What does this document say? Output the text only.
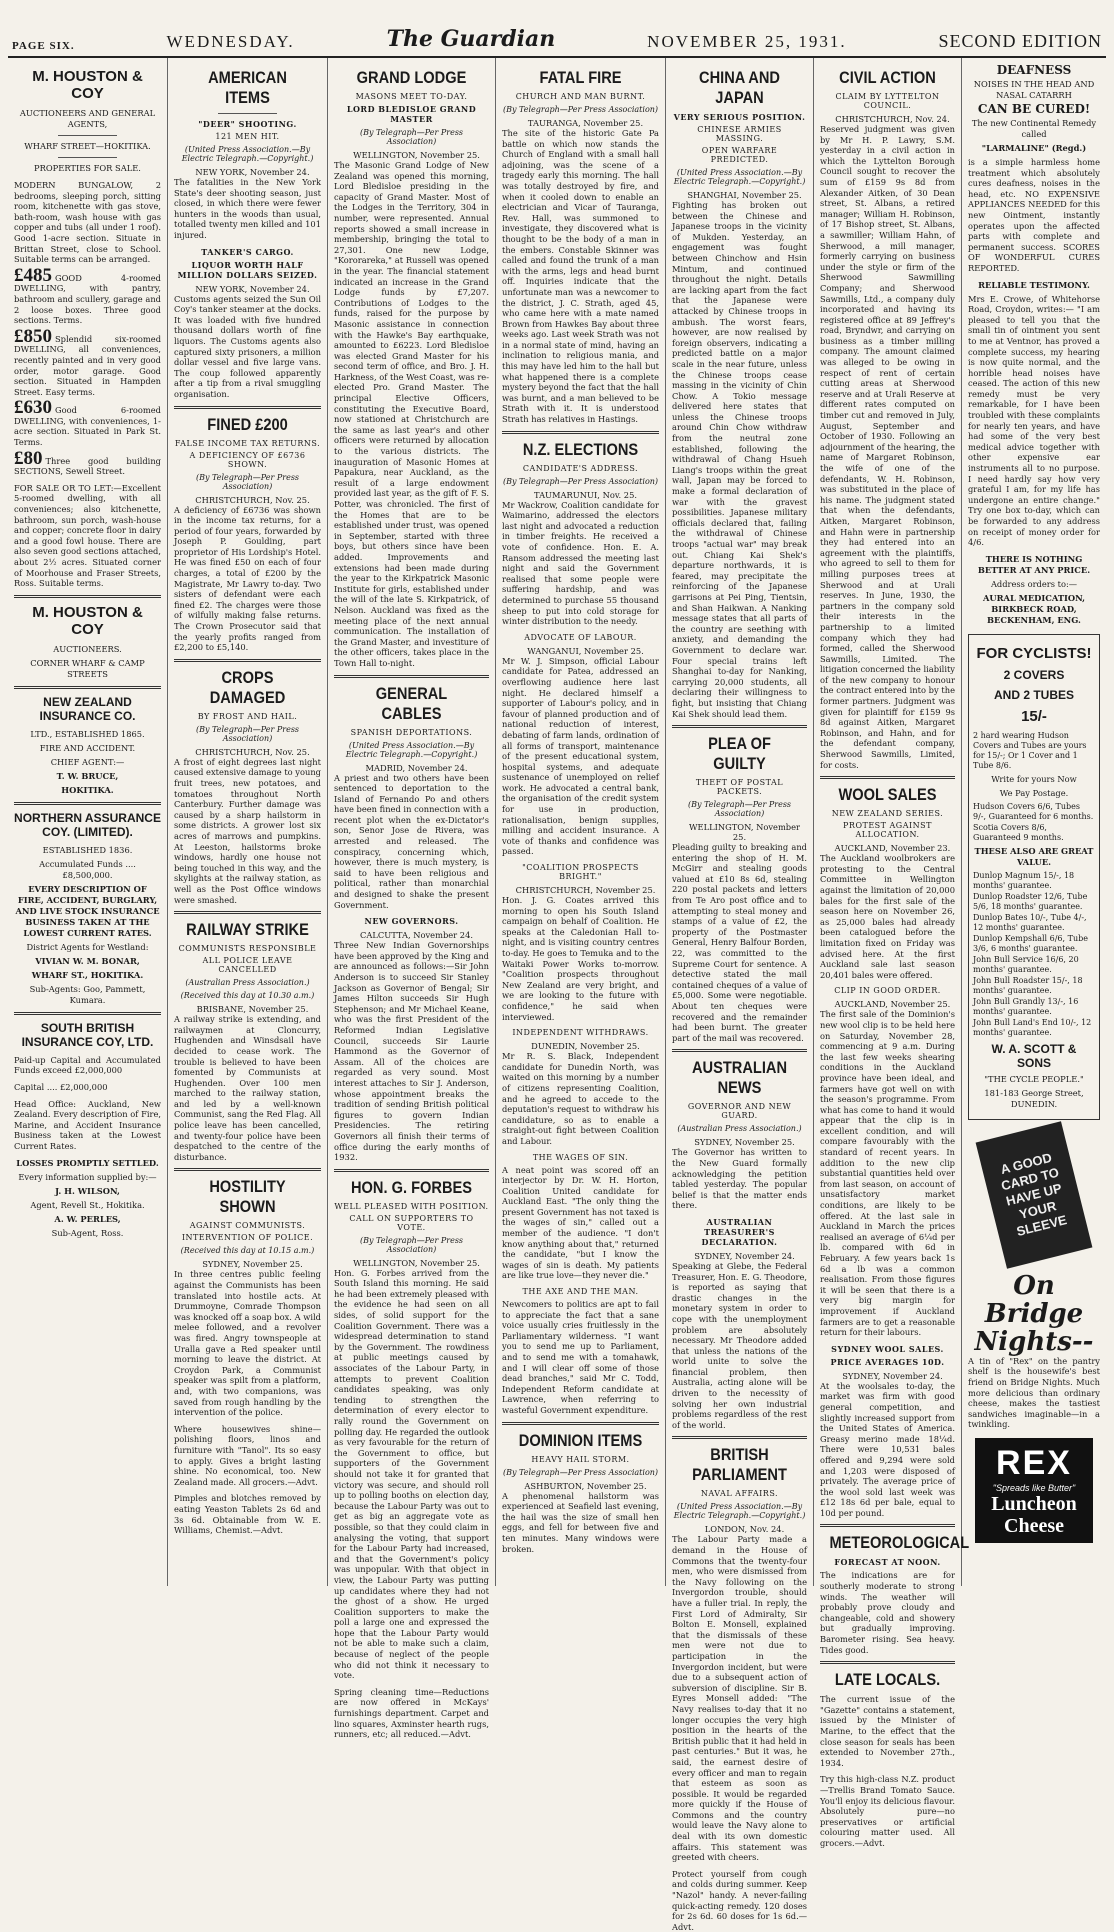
PAGE SIX.	WEDNESDAY.	The Guardian	NOVEMBER 25, 1931.	SECOND EDITION
M. HOUSTON & COY
AUCTIONEERS AND GENERAL AGENTS,
WHARF STREET—HOKITIKA.
PROPERTIES FOR SALE.
MODERN BUNGALOW, 2 bedrooms, sleeping porch, sitting room, kitchenette with gas stove, bath-room, wash house with gas copper and tubs (all under 1 roof). Good 1-acre section. Situate in Brittan Street, close to School. Suitable terms can be arranged.
£485 GOOD 4-roomed DWELLING, with pantry, bathroom and scullery, garage and 2 loose boxes. Three good sections. Terms.
£850 Splendid six-roomed DWELLING, all conveniences, recently painted and in very good order, motor garage. Good section. Situated in Hampden Street. Easy terms.
£630 Good 6-roomed DWELLING, with conveniences, 1-acre section. Situated in Park St. Terms.
£80 Three good building SECTIONS, Sewell Street.
FOR SALE OR TO LET:—Excellent 5-roomed dwelling, with all conveniences; also kitchenette, bathroom, sun porch, wash-house and copper; concrete floor in dairy and a good fowl house. There are also seven good sections attached, about 2½ acres. Situated corner of Moorhouse and Fraser Streets, Ross. Suitable terms.
M. HOUSTON & COY
AUCTIONEERS.
CORNER WHARF & CAMP STREETS
NEW ZEALAND INSURANCE CO.
LTD., ESTABLISHED 1865.
FIRE AND ACCIDENT.
CHIEF AGENT:—
T. W. BRUCE,
HOKITIKA.
NORTHERN ASSURANCE COY. (LIMITED).
ESTABLISHED 1836.
Accumulated Funds .... £8,500,000.
EVERY DESCRIPTION OF FIRE, ACCIDENT, BURGLARY, AND LIVE STOCK INSURANCE BUSINESS TAKEN AT THE LOWEST CURRENT RATES.
District Agents for Westland:
VIVIAN W. M. BONAR,
WHARF ST., HOKITIKA.
Sub-Agents: Goo, Pammett, Kumara.
SOUTH BRITISH INSURANCE COY, LTD.
Paid-up Capital and Accumulated Funds exceed £2,000,000
Capital .... £2,000,000
Head Office: Auckland, New Zealand. Every description of Fire, Marine, and Accident Insurance Business taken at the Lowest Current Rates.
LOSSES PROMPTLY SETTLED.
Every information supplied by:—
J. H. WILSON,
Agent, Revell St., Hokitika.
A. W. PERLES,
Sub-Agent, Ross.
AMERICAN ITEMS
"DEER" SHOOTING.
121 MEN HIT.
(United Press Association.—By Electric Telegraph.—Copyright.)
NEW YORK, November 24.

The fatalities in the New York State's deer shooting season, just closed, in which there were fewer hunters in the woods than usual, totalled twenty men killed and 101 injured.

TANKER'S CARGO.
LIQUOR WORTH HALF MILLION DOLLARS SEIZED.
NEW YORK, November 24.

Customs agents seized the Sun Oil Coy's tanker steamer at the docks. It was loaded with five hundred thousand dollars worth of fine liquors. The Customs agents also captured sixty prisoners, a million dollar vessel and five large vans. The coup followed apparently after a tip from a rival smuggling organisation.

FINED £200
FALSE INCOME TAX RETURNS.
A DEFICIENCY OF £6736 SHOWN.
(By Telegraph—Per Press Association)
CHRISTCHURCH, Nov. 25.

A deficiency of £6736 was shown in the income tax returns, for a period of four years, forwarded by Joseph P. Goulding, part proprietor of His Lordship's Hotel. He was fined £50 on each of four charges, a total of £200 by the Magistrate, Mr Lawry to-day. Two sisters of defendant were each fined £2. The charges were those of wilfully making false returns. The Crown Prosecutor said that the yearly profits ranged from £2,200 to £5,140.

CROPS DAMAGED
BY FROST AND HAIL.
(By Telegraph—Per Press Association)
CHRISTCHURCH, Nov. 25.

A frost of eight degrees last night caused extensive damage to young fruit trees, new potatoes, and tomatoes throughout North Canterbury. Further damage was caused by a sharp hailstorm in some districts. A grower lost six acres of marrows and pumpkins. At Leeston, hailstorms broke windows, hardly one house not being touched in this way, and the skylights at the railway station, as well as the Post Office windows were smashed.

RAILWAY STRIKE
COMMUNISTS RESPONSIBLE
ALL POLICE LEAVE CANCELLED
(Australian Press Association.)
(Received this day at 10.30 a.m.)
BRISBANE, November 25.

A railway strike is extending, and railwaymen at Cloncurry, Hughenden and Winsdsail have decided to cease work. The trouble is believed to have been fomented by Communists at Hughenden. Over 100 men marched to the railway station, and led by a well-known Communist, sang the Red Flag. All police leave has been cancelled, and twenty-four police have been despatched to the centre of the disturbance.

HOSTILITY SHOWN
AGAINST COMMUNISTS.
INTERVENTION OF POLICE.
(Received this day at 10.15 a.m.)
SYDNEY, November 25.

In three centres public feeling against the Communists has been translated into hostile acts. At Drummoyne, Comrade Thompson was knocked off a soap box. A wild melee followed, and a revolver was fired. Angry townspeople at Uralla gave a Red speaker until morning to leave the district. At Croydon Park, a Communist speaker was spilt from a platform, and, with two companions, was saved from rough handling by the intervention of the police.

Where housewives shine—polishing floors, linos and furniture with "Tanol". Its so easy to apply. Gives a bright lasting shine. No economical, too. New Zealand made. All grocers.—Advt.

Pimples and blotches removed by eating Yeaston Tablets 2s 6d and 3s 6d. Obtainable from W. E. Williams, Chemist.—Advt.

GRAND LODGE
MASONS MEET TO-DAY.
LORD BLEDISLOE GRAND MASTER
(By Telegraph—Per Press Association)
WELLINGTON, November 25.

The Masonic Grand Lodge of New Zealand was opened this morning, Lord Bledisloe presiding in the capacity of Grand Master. Most of the Lodges in the Territory, 304 in number, were represented. Annual reports showed a small increase in membership, bringing the total to 27,301. One new Lodge, "Kororareka," at Russell was opened in the year. The financial statement indicated an increase in the Grand Lodge funds by £7,207. Contributions of Lodges to the funds, raised for the purpose by Masonic assistance in connection with the Hawke's Bay earthquake, amounted to £6223. Lord Bledisloe was elected Grand Master for his second term of office, and Bro. J. H. Harkness, of the West Coast, was re-elected Pro. Grand Master. The principal Elective Officers, constituting the Executive Board, now stationed at Christchurch are the same as last year's and other officers were returned by allocation to the various districts. The inauguration of Masonic Homes at Papakura, near Auckland, as the result of a large endowment provided last year, as the gift of F. S. Potter, was chronicled. The first of the Homes that are to be established under trust, was opened in September, started with three boys, but others since have been added. Improvements and extensions had been made during the year to the Kirkpatrick Masonic Institute for girls, established under the will of the late S. Kirkpatrick, of Nelson. Auckland was fixed as the meeting place of the next annual communication. The installation of the Grand Master, and investiture of the other officers, takes place in the Town Hall to-night.

GENERAL CABLES
SPANISH DEPORTATIONS.
(United Press Association.—By Electric Telegraph.—Copyright.)
MADRID, November 24.

A priest and two others have been sentenced to deportation to the Island of Fernando Po and others have been fined in connection with a recent plot when the ex-Dictator's son, Senor Jose de Rivera, was arrested and released. The conspiracy, concerning which, however, there is much mystery, is said to have been religious and political, rather than monarchial and designed to shake the present Government.

NEW GOVERNORS.
CALCUTTA, November 24.

Three New Indian Governorships have been approved by the King and are announced as follows:—Sir John Anderson is to succeed Sir Stanley Jackson as Governor of Bengal; Sir James Hilton succeeds Sir Hugh Stephenson; and Mr Michael Keane, who was the first President of the Reformed Indian Legislative Council, succeeds Sir Laurie Hammond as the Governor of Assam. All of the choices are regarded as very sound. Most interest attaches to Sir J. Anderson, whose appointment breaks the tradition of sending British political figures to govern Indian Presidencies. The retiring Governors all finish their terms of office during the early months of 1932.

HON. G. FORBES
WELL PLEASED WITH POSITION.
CALL ON SUPPORTERS TO VOTE.
(By Telegraph—Per Press Association)
WELLINGTON, November 25.

Hon. G. Forbes arrived from the South Island this morning. He said he had been extremely pleased with the evidence he had seen on all sides, of solid support for the Coalition Government. There was a widespread determination to stand by the Government. The rowdiness at public meetings caused by associates of the Labour Party, in attempts to prevent Coalition candidates speaking, was only tending to strengthen the determination of every elector to rally round the Government on polling day. He regarded the outlook as very favourable for the return of the Government to office, but supporters of the Government should not take it for granted that victory was secure, and should roll up to polling booths on election day, because the Labour Party was out to get as big an aggregate vote as possible, so that they could claim in analysing the voting, that support for the Labour Party had increased, and that the Government's policy was unpopular. With that object in view, the Labour Party was putting up candidates where they had not the ghost of a show. He urged Coalition supporters to make the poll a large one and expressed the hope that the Labour Party would not be able to make such a claim, because of neglect of the people who did not think it necessary to vote.

Spring cleaning time—Reductions are now offered in McKays' furnishings department. Carpet and lino squares, Axminster hearth rugs, runners, etc; all reduced.—Advt.

FATAL FIRE
CHURCH AND MAN BURNT.
(By Telegraph—Per Press Association)
TAURANGA, November 25.

The site of the historic Gate Pa battle on which now stands the Church of England with a small hall adjoining, was the scene of a tragedy early this morning. The hall was totally destroyed by fire, and when it cooled down to enable an electrician and Vicar of Tauranga, Rev. Hall, was summoned to investigate, they discovered what is thought to be the body of a man in the embers. Constable Skinner was called and found the trunk of a man with the arms, legs and head burnt off. Inquiries indicate that the unfortunate man was a newcomer to the district, J. C. Strath, aged 45, who came here with a mate named Brown from Hawkes Bay about three weeks ago. Last week Strath was not in a normal state of mind, having an inclination to religious mania, and this may have led him to the hall but what happened there is a complete mystery beyond the fact that the hall was burnt, and a man believed to be Strath with it. It is understood Strath has relatives in Hastings.

N.Z. ELECTIONS
CANDIDATE'S ADDRESS.
(By Telegraph—Per Press Association)
TAUMARUNUI, Nov. 25.

Mr Wackrow, Coalition candidate for Waimarino, addressed the electors last night and advocated a reduction in timber freights. He received a vote of confidence. Hon. E. A. Ransom addressed the meeting last night and said the Government realised that some people were suffering hardship, and was determined to purchase 55 thousand sheep to put into cold storage for winter distribution to the needy.

ADVOCATE OF LABOUR.
WANGANUI, November 25.

Mr W. J. Simpson, official Labour candidate for Patea, addressed an overflowing audience here last night. He declared himself a supporter of Labour's policy, and in favour of planned production and of national reduction of interest, debating of farm lands, ordination of all forms of transport, maintenance of the present educational system, hospital systems, and adequate sustenance of unemployed on relief work. He advocated a central bank, the organisation of the credit system for use in production, rationalisation, benign supplies, milling and accident insurance. A vote of thanks and confidence was passed.

"COALITION PROSPECTS BRIGHT."
CHRISTCHURCH, November 25.

Hon. J. G. Coates arrived this morning to open his South Island campaign on behalf of Coalition. He speaks at the Caledonian Hall to-night, and is visiting country centres to-day. He goes to Temuka and to the Waitaki Power Works to-morrow. "Coalition prospects throughout New Zealand are very bright, and we are looking to the future with confidence," he said when interviewed.

INDEPENDENT WITHDRAWS.
DUNEDIN, November 25.

Mr R. S. Black, Independent candidate for Dunedin North, was waited on this morning by a number of citizens representing Coalition, and he agreed to accede to the deputation's request to withdraw his candidature, so as to enable a straight-out fight between Coalition and Labour.

THE WAGES OF SIN.

A neat point was scored off an interjector by Dr. W. H. Horton, Coalition United candidate for Auckland East. "The only thing the present Government has not taxed is the wages of sin," called out a member of the audience. "I don't know anything about that," returned the candidate, "but I know the wages of sin is death. My patients are like true love—they never die."

THE AXE AND THE MAN.

Newcomers to politics are apt to fail to appreciate the fact that a sane voice usually cries fruitlessly in the Parliamentary wilderness. "I want you to send me up to Parliament, and to send me with a tomahawk, and I will clear off some of those dead branches," said Mr C. Todd, Independent Reform candidate at Lawrence, when referring to wasteful Government expenditure.

DOMINION ITEMS
HEAVY HAIL STORM.
(By Telegraph—Per Press Association)
ASHBURTON, November 25.

A phenomenal hailstorm was experienced at Seafield last evening, the hail was the size of small hen eggs, and fell for between five and ten minutes. Many windows were broken.

CHINA AND JAPAN
VERY SERIOUS POSITION.
CHINESE ARMIES MASSING.
OPEN WARFARE PREDICTED.
(United Press Association.—By Electric Telegraph.—Copyright.)
SHANGHAI, November 25.

Fighting has broken out between the Chinese and Japanese troops in the vicinity of Mukden. Yesterday, an engagement was fought between Chinchow and Hsin Mintum, and continued throughout the night. Details are lacking apart from the fact that the Japanese were attacked by Chinese troops in ambush. The worst fears, however, are now realised by foreign observers, indicating a predicted battle on a major scale in the near future, unless the Chinese troops cease massing in the vicinity of Chin Chow. A Tokio message delivered here states that unless the Chinese troops around Chin Chow withdraw from the neutral zone established, following the withdrawal of Chang Hsueh Liang's troops within the great wall, Japan may be forced to make a formal declaration of war with the gravest possibilities. Japanese military officials declared that, failing the withdrawal of Chinese troops "actual war" may break out. Chiang Kai Shek's departure northwards, it is feared, may precipitate the reinforcing of the Japanese garrisons at Pei Ping, Tientsin, and Shan Haikwan. A Nanking message states that all parts of the country are seething with anxiety, and demanding the Government to declare war. Four special trains left Shanghai to-day for Nanking, carrying 20,000 students, all declaring their willingness to fight, but insisting that Chiang Kai Shek should lead them.

PLEA OF GUILTY
THEFT OF POSTAL PACKETS.
(By Telegraph—Per Press Association)
WELLINGTON, November 25.

Pleading guilty to breaking and entering the shop of H. M. McGirr and stealing goods valued at £10 8s 6d, stealing 220 postal packets and letters from Te Aro post office and to attempting to steal money and stamps of a value of £2, the property of the Postmaster General, Henry Balfour Borden, 22, was committed to the Supreme Court for sentence. A detective stated the mail contained cheques of a value of £5,000. Some were negotiable. About ten cheques were recovered and the remainder had been burnt. The greater part of the mail was recovered.

AUSTRALIAN NEWS
GOVERNOR AND NEW GUARD.
(Australian Press Association.)
SYDNEY, November 25.

The Governor has written to the New Guard formally acknowledging the petition tabled yesterday. The popular belief is that the matter ends there.

AUSTRALIAN TREASURER'S DECLARATION.
SYDNEY, November 24.

Speaking at Glebe, the Federal Treasurer, Hon. E. G. Theodore, is reported as saying that drastic changes in the monetary system in order to cope with the unemployment problem are absolutely necessary. Mr Theodore added that unless the nations of the world unite to solve the financial problem, then Australia, acting alone will be driven to the necessity of solving her own industrial problems regardless of the rest of the world.

BRITISH PARLIAMENT
NAVAL AFFAIRS.
(United Press Association.—By Electric Telegraph.—Copyright.)
LONDON, Nov. 24.

The Labour Party made a demand in the House of Commons that the twenty-four men, who were dismissed from the Navy following on the Invergordon trouble, should have a fuller trial. In reply, the First Lord of Admiralty, Sir Bolton E. Monsell, explained that the dismissals of these men were not due to participation in the Invergordon incident, but were due to a subsequent action of subversion of discipline. Sir B. Eyres Monsell added: "The Navy realises to-day that it no longer occupies the very high position in the hearts of the British public that it had held in past centuries." But it was, he said, the earnest desire of every officer and man to regain that esteem as soon as possible. It would be regarded more quickly if the House of Commons and the country would leave the Navy alone to deal with its own domestic affairs. This statement was greeted with cheers.

Protect yourself from cough and colds during summer. Keep "Nazol" handy. A never-failing quick-acting remedy. 120 doses for 2s 6d. 60 doses for 1s 6d.—Advt.

CIVIL ACTION
CLAIM BY LYTTELTON COUNCIL.
CHRISTCHURCH, Nov. 24.

Reserved judgment was given by Mr H. P. Lawry, S.M. yesterday in a civil action in which the Lyttelton Borough Council sought to recover the sum of £159 9s 8d from Alexander Aitken, of 30 Dean street, St. Albans, a retired manager; William H. Robinson, of 17 Bishop street, St. Albans, a sawmiller; William Hahn, of Sherwood, a mill manager, formerly carrying on business under the style or firm of the Sherwood Sawmilling Company; and Sherwood Sawmills, Ltd., a company duly incorporated and having its registered office at 89 Jeffrey's road, Bryndwr, and carrying on business as a timber milling company. The amount claimed was alleged to be owing in respect of rent of certain cutting areas at Sherwood reserve and at Urali Reserve at different rates computed on timber cut and removed in July, August, September and October of 1930. Following an adjournment of the hearing, the name of Margaret Robinson, the wife of one of the defendants, W. H. Robinson, was substituted in the place of his name. The judgment stated that when the defendants, Aitken, Margaret Robinson, and Hahn were in partnership they had entered into an agreement with the plaintiffs, who agreed to sell to them for milling purposes trees at Sherwood and at Urali reserves. In June, 1930, the partners in the company sold their interests in the partnership to a limited company which they had formed, called the Sherwood Sawmills, Limited. The litigation concerned the liability of the new company to honour the contract entered into by the former partners. Judgment was given for plaintiff for £159 9s 8d against Aitken, Margaret Robinson, and Hahn, and for the defendant company, Sherwood Sawmills, Limited, for costs.

WOOL SALES
NEW ZEALAND SERIES.
PROTEST AGAINST ALLOCATION.
AUCKLAND, November 23.

The Auckland woolbrokers are protesting to the Central Committee in Wellington against the limitation of 20,000 bales for the first sale of the season here on November 26, as 25,000 bales had already been catalogued before the limitation fixed on Friday was advised here. At the first Auckland sale last season 20,401 bales were offered.

CLIP IN GOOD ORDER.
AUCKLAND, November 25.

The first sale of the Dominion's new wool clip is to be held here on Saturday, November 28, commencing at 9 a.m. During the last few weeks shearing conditions in the Auckland province have been ideal, and farmers have got well on with the season's programme. From what has come to hand it would appear that the clip is in excellent condition, and will compare favourably with the standard of recent years. In addition to the new clip substantial quantities held over from last season, on account of unsatisfactory market conditions, are likely to be offered. At the last sale in Auckland in March the prices realised an average of 6¼d per lb. compared with 6d in February. A few years back 1s 6d a lb was a common realisation. From those figures it will be seen that there is a very big margin for improvement if Auckland farmers are to get a reasonable return for their labours.

SYDNEY WOOL SALES.
PRICE AVERAGES 10D.
SYDNEY, November 24.

At the woolsales to-day, the market was firm with good general competition, and slightly increased support from the United States of America. Greasy merino made 18¼d. There were 10,531 bales offered and 9,294 were sold and 1,203 were disposed of privately. The average price of the wool sold last week was £12 18s 6d per bale, equal to 10d per pound.

METEOROLOGICAL
FORECAST AT NOON.

The indications are for southerly moderate to strong winds. The weather will probably prove cloudy and changeable, cold and showery but gradually improving. Barometer rising. Sea heavy. Tides good.

LATE LOCALS.

The current issue of the "Gazette" contains a statement, issued by the Minister of Marine, to the effect that the close season for seals has been extended to November 27th., 1934.

Try this high-class N.Z. product—Trellis Brand Tomato Sauce. You'll enjoy its delicious flavour. Absolutely pure—no preservatives or artificial colouring matter used. All grocers.—Advt.

DEAFNESS
NOISES IN THE HEAD AND NASAL CATARRH
CAN BE CURED!
The new Continental Remedy called
"LARMALINE" (Regd.)

is a simple harmless home treatment which absolutely cures deafness, noises in the head, etc. NO EXPENSIVE APPLIANCES NEEDED for this new Ointment, instantly operates upon the affected parts with complete and permanent success. SCORES OF WONDERFUL CURES REPORTED.

RELIABLE TESTIMONY.

Mrs E. Crowe, of Whitehorse Road, Croydon, writes:— "I am pleased to tell you that the small tin of ointment you sent to me at Ventnor, has proved a complete success, my hearing is now quite normal, and the horrible head noises have ceased. The action of this new remedy must be very remarkable, for I have been troubled with these complaints for nearly ten years, and have had some of the very best medical advice together with other expensive ear instruments all to no purpose. I need hardly say how very grateful I am, for my life has undergone an entire change." Try one box to-day, which can be forwarded to any address on receipt of money order for 4/6.

THERE IS NOTHING BETTER AT ANY PRICE.
Address orders to:—
AURAL MEDICATION, BIRKBECK ROAD, BECKENHAM, ENG.
FOR CYCLISTS!
2 COVERS
AND 2 TUBES
15/-
2 hard wearing Hudson Covers and Tubes are yours for 15/-; Or 1 Cover and 1 Tube 8/6.
Write for yours Now
We Pay Postage.
Hudson Covers 6/6, Tubes 9/-, Guaranteed for 6 months.
Scotia Covers 8/6, Guaranteed 9 months.
THESE ALSO ARE GREAT VALUE.
Dunlop Magnum 15/-, 18 months' guarantee.
Dunlop Roadster 12/6, Tube 5/6, 18 months' guarantee.
Dunlop Bates 10/-, Tube 4/-, 12 months' guarantee.
Dunlop Kempshall 6/6, Tube 3/6, 6 months' guarantee.
John Bull Service 16/6, 20 months' guarantee.
John Bull Roadster 15/-, 18 months' guarantee.
John Bull Grandly 13/-, 16 months' guarantee.
John Bull Land's End 10/-, 12 months' guarantee.
W. A. SCOTT & SONS
"THE CYCLE PEOPLE."
181-183 George Street, DUNEDIN.
A GOOD CARD TO HAVE UP YOUR SLEEVE
On Bridge Nights--

A tin of "Rex" on the pantry shelf is the housewife's best friend on Bridge Nights. Much more delicious than ordinary cheese, makes the tastiest sandwiches imaginable—in a twinkling.

REX
"Spreads like Butter"
Luncheon Cheese
